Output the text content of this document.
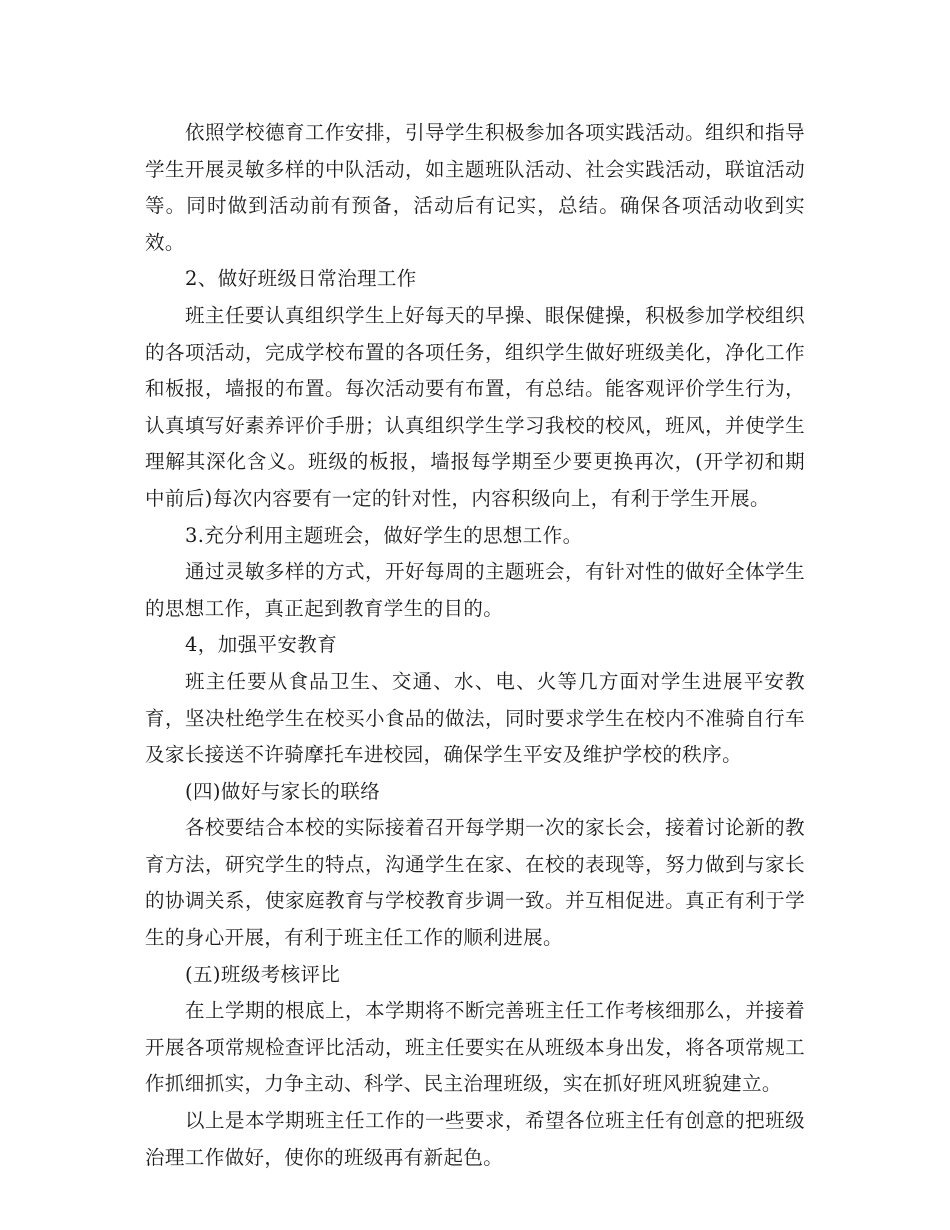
依照学校德育工作安排，引导学生积极参加各项实践活动。组织和指导学生开展灵敏多样的中队活动，如主题班队活动、社会实践活动，联谊活动等。同时做到活动前有预备，活动后有记实，总结。确保各项活动收到实效。

2、做好班级日常治理工作

班主任要认真组织学生上好每天的早操、眼保健操，积极参加学校组织的各项活动，完成学校布置的各项任务，组织学生做好班级美化，净化工作和板报，墙报的布置。每次活动要有布置，有总结。能客观评价学生行为，认真填写好素养评价手册；认真组织学生学习我校的校风，班风，并使学生理解其深化含义。班级的板报，墙报每学期至少要更换再次，(开学初和期中前后)每次内容要有一定的针对性，内容积级向上，有利于学生开展。

3.充分利用主题班会，做好学生的思想工作。

通过灵敏多样的方式，开好每周的主题班会，有针对性的做好全体学生的思想工作，真正起到教育学生的目的。

4，加强平安教育

班主任要从食品卫生、交通、水、电、火等几方面对学生进展平安教育，坚决杜绝学生在校买小食品的做法，同时要求学生在校内不准骑自行车及家长接送不许骑摩托车进校园，确保学生平安及维护学校的秩序。

(四)做好与家长的联络

各校要结合本校的实际接着召开每学期一次的家长会，接着讨论新的教育方法，研究学生的特点，沟通学生在家、在校的表现等，努力做到与家长的协调关系，使家庭教育与学校教育步调一致。并互相促进。真正有利于学生的身心开展，有利于班主任工作的顺利进展。

(五)班级考核评比

在上学期的根底上，本学期将不断完善班主任工作考核细那么，并接着开展各项常规检查评比活动，班主任要实在从班级本身出发，将各项常规工作抓细抓实，力争主动、科学、民主治理班级，实在抓好班风班貌建立。

以上是本学期班主任工作的一些要求，希望各位班主任有创意的把班级治理工作做好，使你的班级再有新起色。
